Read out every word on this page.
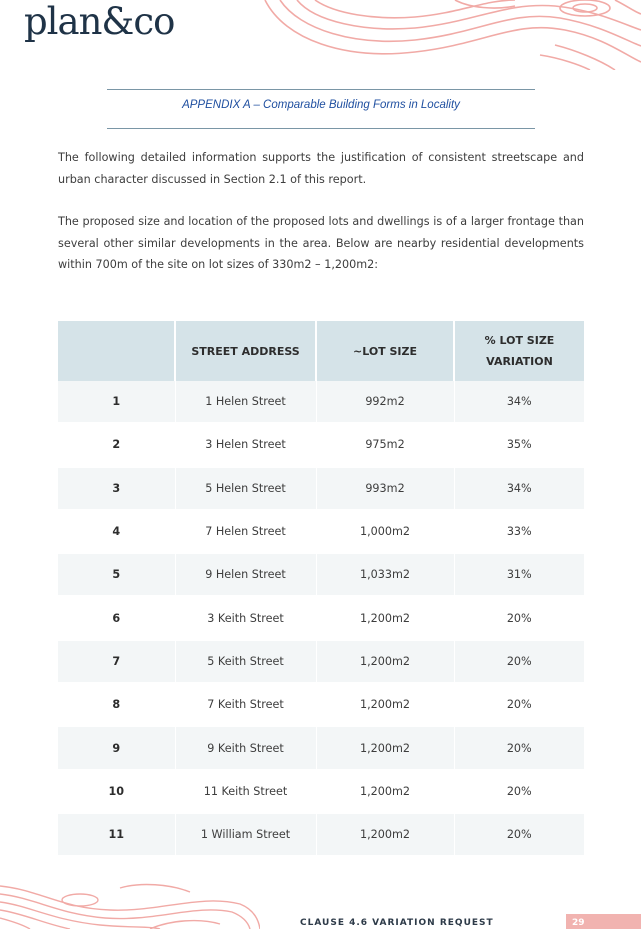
plan&co
APPENDIX A – Comparable Building Forms in Locality

The following detailed information supports the justification of consistent streetscape and urban character discussed in Section 2.1 of this report.

The proposed size and location of the proposed lots and dwellings is of a larger frontage than several other similar developments in the area. Below are nearby residential developments within 700m of the site on lot sizes of 330m2 – 1,200m2:

	STREET ADDRESS	~LOT SIZE	% LOT SIZE VARIATION
1	1 Helen Street	992m2	34%
2	3 Helen Street	975m2	35%
3	5 Helen Street	993m2	34%
4	7 Helen Street	1,000m2	33%
5	9 Helen Street	1,033m2	31%
6	3 Keith Street	1,200m2	20%
7	5 Keith Street	1,200m2	20%
8	7 Keith Street	1,200m2	20%
9	9 Keith Street	1,200m2	20%
10	11 Keith Street	1,200m2	20%
11	1 William Street	1,200m2	20%
CLAUSE 4.6 VARIATION REQUEST	29
